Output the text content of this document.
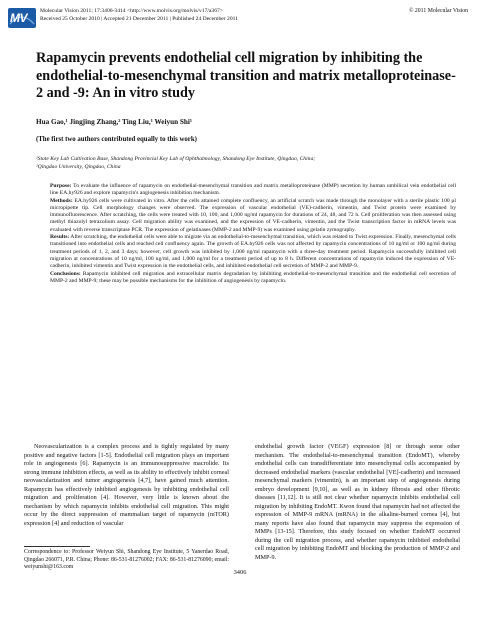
MV Molecular Vision 2011; 17:3406-3414 <http://www.molvis.org/molvis/v17/a367>
Received 25 October 2010 | Accepted 21 December 2011 | Published 24 December 2011
© 2011 Molecular Vision
Rapamycin prevents endothelial cell migration by inhibiting the endothelial-to-mesenchymal transition and matrix metalloproteinase-2 and -9: An in vitro study
Hua Gao,¹ Jingjing Zhang,² Ting Liu,¹ Weiyun Shi¹
(The first two authors contributed equally to this work)
¹State Key Lab Cultivation Base, Shandong Provincial Key Lab of Ophthalmology, Shandong Eye Institute, Qingdao, China;
²Qingdao University, Qingdao, China

Purpose: To evaluate the influence of rapamycin on endothelial-mesenchymal transition and matrix metalloproteinase (MMP) secretion by human umbilical vein endothelial cell line EA.hy926 and explore rapamycin's angiogenesis inhibition mechanism.

Methods: EA.hy926 cells were cultivated in vitro. After the cells attained complete confluency, an artificial scratch was made through the monolayer with a sterile plastic 100 μl micropipette tip. Cell morphology changes were observed. The expression of vascular endothelial (VE)-cadherin, vimentin, and Twist protein were examined by immunofluorescence. After scratching, the cells were treated with 10, 100, and 1,000 ng/ml rapamycin for durations of 24, 48, and 72 h. Cell proliferation was then assessed using methyl thiazolyl tetrazolium assay. Cell migration ability was examined, and the expression of VE-cadherin, vimentin, and the Twist transcription factor in mRNA levels was evaluated with reverse transcriptase PCR. The expression of gelatinases (MMP-2 and MMP-9) was examined using gelatin zymography.

Results: After scratching, the endothelial cells were able to migrate via an endothelial-to-mesenchymal transition, which was related to Twist expression. Finally, mesenchymal cells transitioned into endothelial cells and reached cell confluency again. The growth of EA.hy926 cells was not affected by rapamycin concentrations of 10 ng/ml or 100 ng/ml during treatment periods of 1, 2, and 3 days; however, cell growth was inhibited by 1,000 ng/ml rapamycin with a three-day treatment period. Rapamycin successfully inhibited cell migration at concentrations of 10 ng/ml, 100 ng/ml, and 1,000 ng/ml for a treatment period of up to 8 h. Different concentrations of rapamycin induced the expression of VE-cadherin, inhibited vimentin and Twist expression in the endothelial cells, and inhibited endothelial cell secretion of MMP-2 and MMP-9.

Conclusions: Rapamycin inhibited cell migration and extracellular matrix degradation by inhibiting endothelial-to-mesenchymal transition and the endothelial cell secretion of MMP-2 and MMP-9; these may be possible mechanisms for the inhibition of angiogenesis by rapamycin.

Neovascularization is a complex process and is tightly regulated by many positive and negative factors [1-5]. Endothelial cell migration plays an important role in angiogenesis [6]. Rapamycin is an immunosuppressive macrolide. Its strong immune inhibition effects, as well as its ability to effectively inhibit corneal neovascularization and tumor angiogenesis [4,7], have gained much attention. Rapamycin has effectively inhibited angiogenesis by inhibiting endothelial cell migration and proliferation [4]. However, very little is known about the mechanism by which rapamycin inhibits endothelial cell migration. This might occur by the direct suppression of mammalian target of rapamycin (mTOR) expression [4] and reduction of vascular

endothelial growth factor (VEGF) expression [8] or through some other mechanism. The endothelial-to-mesenchymal transition (EndoMT), whereby endothelial cells can transdifferentiate into mesenchymal cells accompanied by decreased endothelial markers (vascular endothelial [VE]-cadherin) and increased mesenchymal markers (vimentin), is an important step of angiogenesis during embryo development [9,10], as well as in kidney fibrosis and other fibrotic diseases [11,12]. It is still not clear whether rapamycin inhibits endothelial cell migration by inhibiting EndoMT. Kwon found that rapamycin had not affected the expression of MMP-9 mRNA (mRNA) in the alkaline-burned cornea [4], but many reports have also found that rapamycin may suppress the expression of MMPs [13-15]. Therefore, this study focused on whether EndoMT occurred during the cell migration process, and whether rapamycin inhibited endothelial cell migration by inhibiting EndoMT and blocking the production of MMP-2 and MMP-9.

Correspondence to: Professor Weiyun Shi, Shandong Eye Institute, 5 Yanerdao Road, Qingdao 266071, P.R. China; Phone: 86-531-81276002; FAX: 86-531-81276090; email: weiyunshi@163.com
3406
